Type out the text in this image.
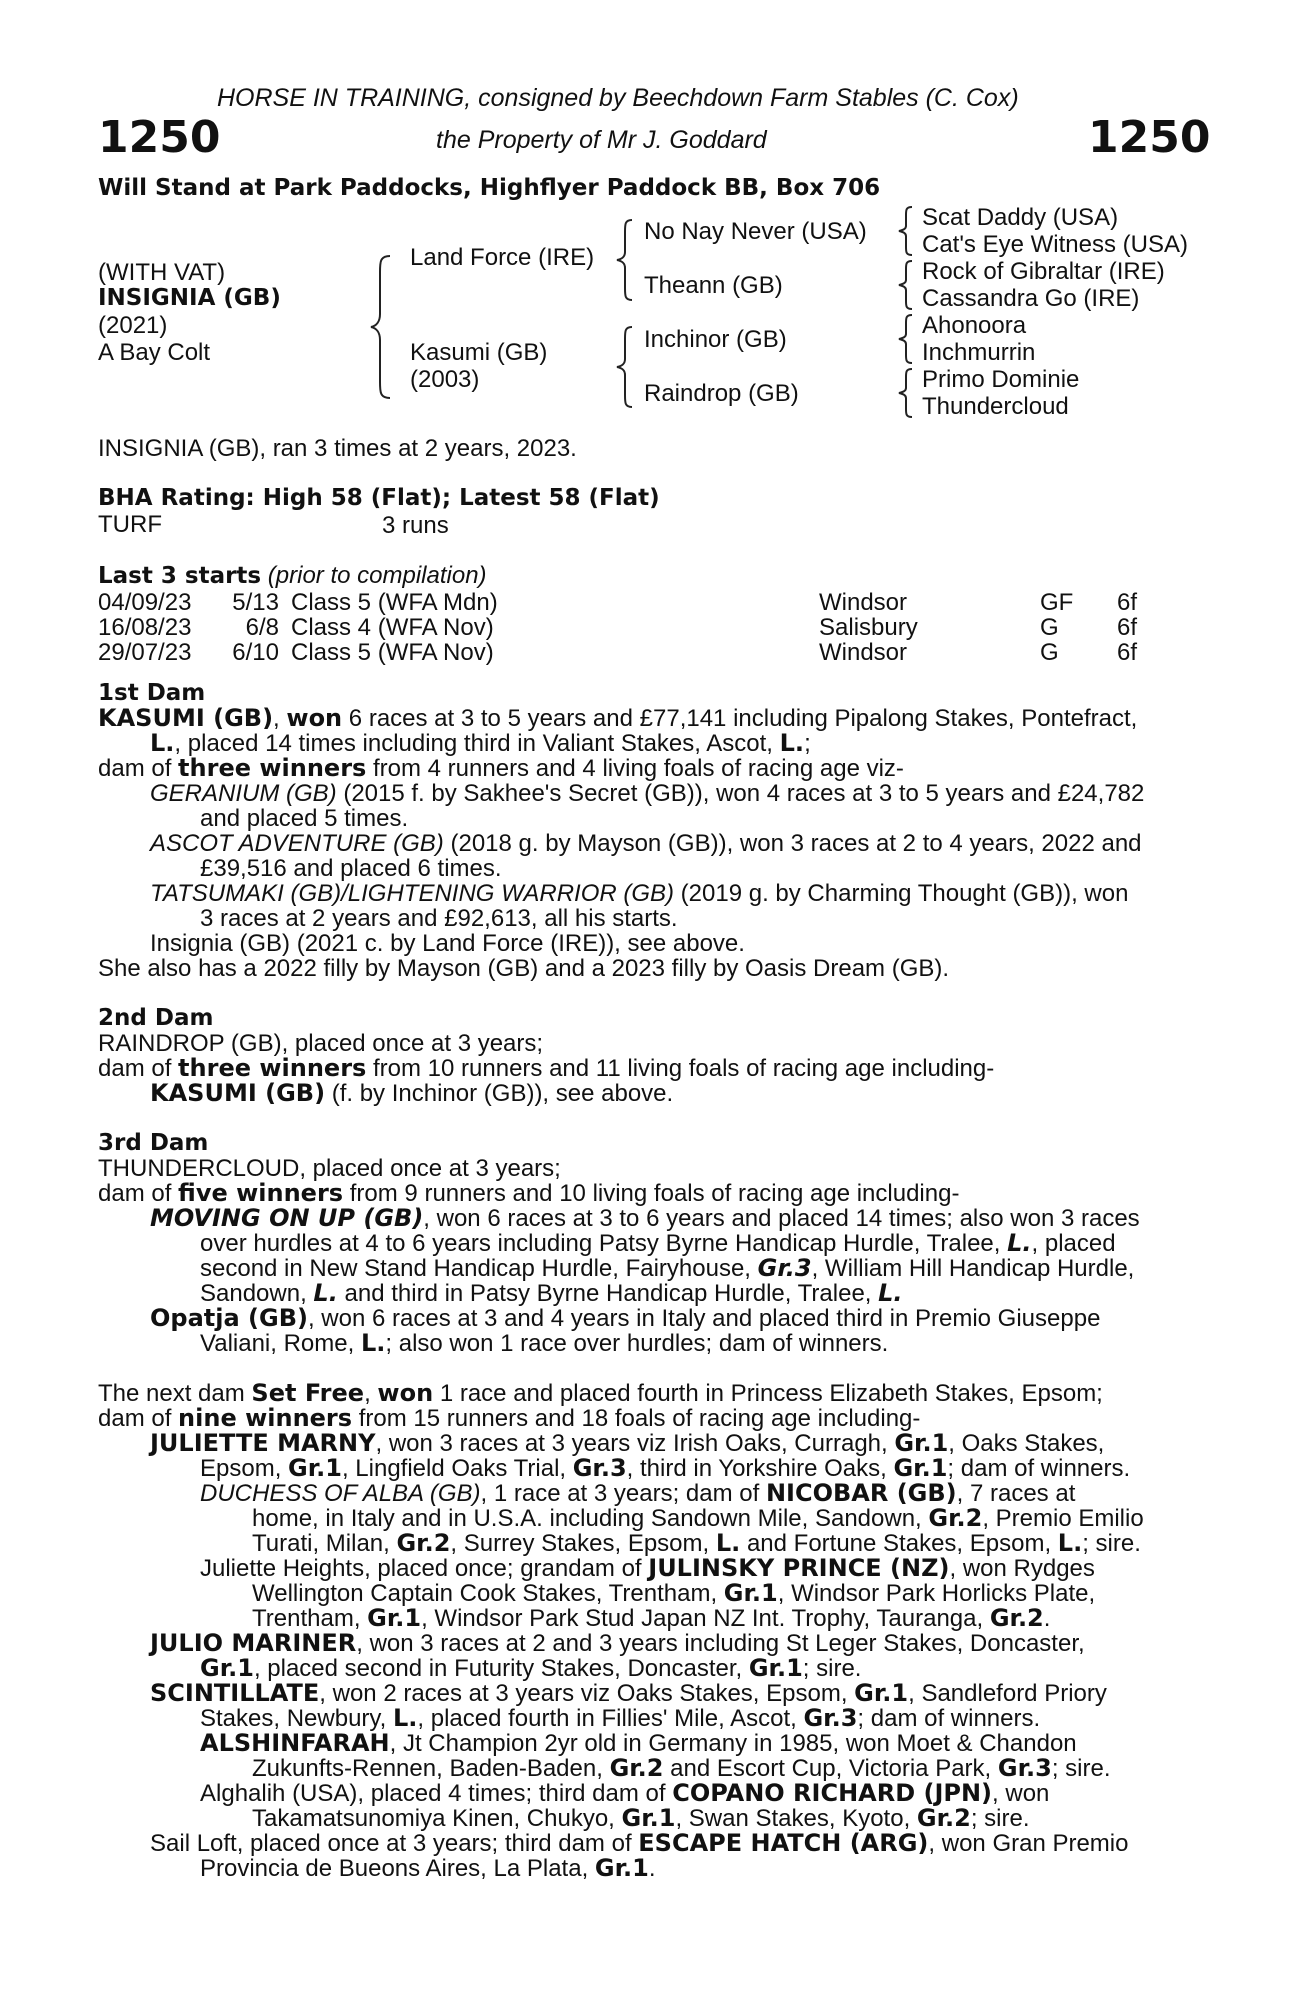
HORSE IN TRAINING, consigned by Beechdown Farm Stables (C. Cox)
1250	the Property of Mr J. Goddard	1250
Will Stand at Park Paddocks, Highflyer Paddock BB, Box 706
(WITH VAT)
INSIGNIA (GB)
(2021)
A Bay Colt
Land Force (IRE)
Kasumi (GB)
(2003)
No Nay Never (USA)
Theann (GB)
Inchinor (GB)
Raindrop (GB)
Scat Daddy (USA)
Cat's Eye Witness (USA)
Rock of Gibraltar (IRE)
Cassandra Go (IRE)
Ahonoora
Inchmurrin
Primo Dominie
Thundercloud
INSIGNIA (GB), ran 3 times at 2 years, 2023.
BHA Rating: High 58 (Flat); Latest 58 (Flat)
TURF	3 runs
Last 3 starts (prior to compilation)
04/09/23	5/13 Class 5 (WFA Mdn)	Windsor	GF 6f
16/08/23	6/8 Class 4 (WFA Nov)	Salisbury	G 6f
29/07/23	6/10 Class 5 (WFA Nov)	Windsor	G 6f
1st Dam
KASUMI (GB), won 6 races at 3 to 5 years and £77,141 including Pipalong Stakes, Pontefract,
L., placed 14 times including third in Valiant Stakes, Ascot, L.;
dam of three winners from 4 runners and 4 living foals of racing age viz-
GERANIUM (GB) (2015 f. by Sakhee's Secret (GB)), won 4 races at 3 to 5 years and £24,782
and placed 5 times.
ASCOT ADVENTURE (GB) (2018 g. by Mayson (GB)), won 3 races at 2 to 4 years, 2022 and
£39,516 and placed 6 times.
TATSUMAKI (GB)/LIGHTENING WARRIOR (GB) (2019 g. by Charming Thought (GB)), won
3 races at 2 years and £92,613, all his starts.
Insignia (GB) (2021 c. by Land Force (IRE)), see above.
She also has a 2022 filly by Mayson (GB) and a 2023 filly by Oasis Dream (GB).
2nd Dam
RAINDROP (GB), placed once at 3 years;
dam of three winners from 10 runners and 11 living foals of racing age including-
KASUMI (GB) (f. by Inchinor (GB)), see above.
3rd Dam
THUNDERCLOUD, placed once at 3 years;
dam of five winners from 9 runners and 10 living foals of racing age including-
MOVING ON UP (GB), won 6 races at 3 to 6 years and placed 14 times; also won 3 races
over hurdles at 4 to 6 years including Patsy Byrne Handicap Hurdle, Tralee, L., placed
second in New Stand Handicap Hurdle, Fairyhouse, Gr.3, William Hill Handicap Hurdle,
Sandown, L. and third in Patsy Byrne Handicap Hurdle, Tralee, L.
Opatja (GB), won 6 races at 3 and 4 years in Italy and placed third in Premio Giuseppe
Valiani, Rome, L.; also won 1 race over hurdles; dam of winners.
The next dam Set Free, won 1 race and placed fourth in Princess Elizabeth Stakes, Epsom;
dam of nine winners from 15 runners and 18 foals of racing age including-
JULIETTE MARNY, won 3 races at 3 years viz Irish Oaks, Curragh, Gr.1, Oaks Stakes,
Epsom, Gr.1, Lingfield Oaks Trial, Gr.3, third in Yorkshire Oaks, Gr.1; dam of winners.
DUCHESS OF ALBA (GB), 1 race at 3 years; dam of NICOBAR (GB), 7 races at
home, in Italy and in U.S.A. including Sandown Mile, Sandown, Gr.2, Premio Emilio
Turati, Milan, Gr.2, Surrey Stakes, Epsom, L. and Fortune Stakes, Epsom, L.; sire.
Juliette Heights, placed once; grandam of JULINSKY PRINCE (NZ), won Rydges
Wellington Captain Cook Stakes, Trentham, Gr.1, Windsor Park Horlicks Plate,
Trentham, Gr.1, Windsor Park Stud Japan NZ Int. Trophy, Tauranga, Gr.2.
JULIO MARINER, won 3 races at 2 and 3 years including St Leger Stakes, Doncaster,
Gr.1, placed second in Futurity Stakes, Doncaster, Gr.1; sire.
SCINTILLATE, won 2 races at 3 years viz Oaks Stakes, Epsom, Gr.1, Sandleford Priory
Stakes, Newbury, L., placed fourth in Fillies' Mile, Ascot, Gr.3; dam of winners.
ALSHINFARAH, Jt Champion 2yr old in Germany in 1985, won Moet & Chandon
Zukunfts-Rennen, Baden-Baden, Gr.2 and Escort Cup, Victoria Park, Gr.3; sire.
Alghalih (USA), placed 4 times; third dam of COPANO RICHARD (JPN), won
Takamatsunomiya Kinen, Chukyo, Gr.1, Swan Stakes, Kyoto, Gr.2; sire.
Sail Loft, placed once at 3 years; third dam of ESCAPE HATCH (ARG), won Gran Premio
Provincia de Bueons Aires, La Plata, Gr.1.
